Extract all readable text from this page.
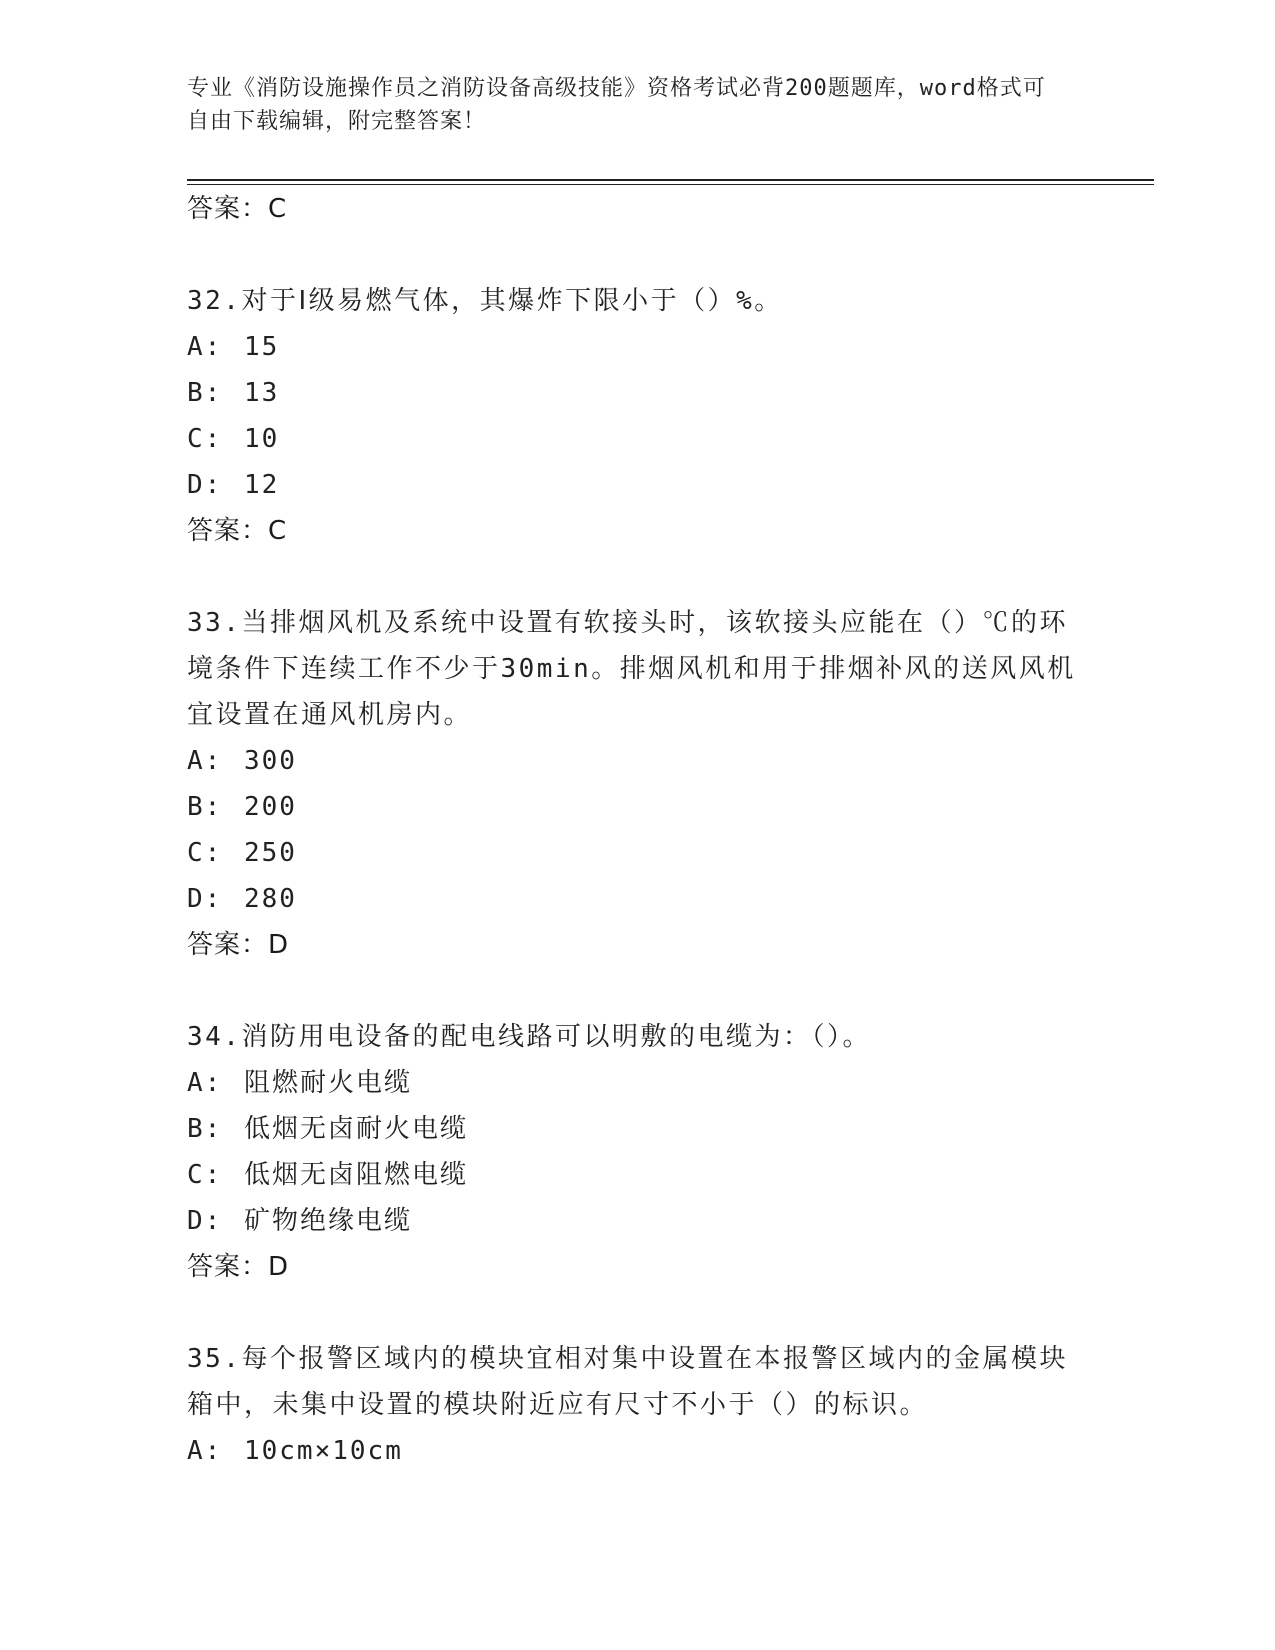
专业《消防设施操作员之消防设备高级技能》资格考试必背200题题库，word格式可自由下载编辑，附完整答案！
答案：C
32.对于Ⅰ级易燃气体，其爆炸下限小于（）%。
A: 15
B: 13
C: 10
D: 12
答案：C
33.当排烟风机及系统中设置有软接头时，该软接头应能在（）℃的环境条件下连续工作不少于30min。排烟风机和用于排烟补风的送风风机宜设置在通风机房内。
A: 300
B: 200
C: 250
D: 280
答案：D
34.消防用电设备的配电线路可以明敷的电缆为：（）。
A: 阻燃耐火电缆
B: 低烟无卤耐火电缆
C: 低烟无卤阻燃电缆
D: 矿物绝缘电缆
答案：D
35.每个报警区域内的模块宜相对集中设置在本报警区域内的金属模块箱中，未集中设置的模块附近应有尺寸不小于（）的标识。
A: 10cm×10cm
